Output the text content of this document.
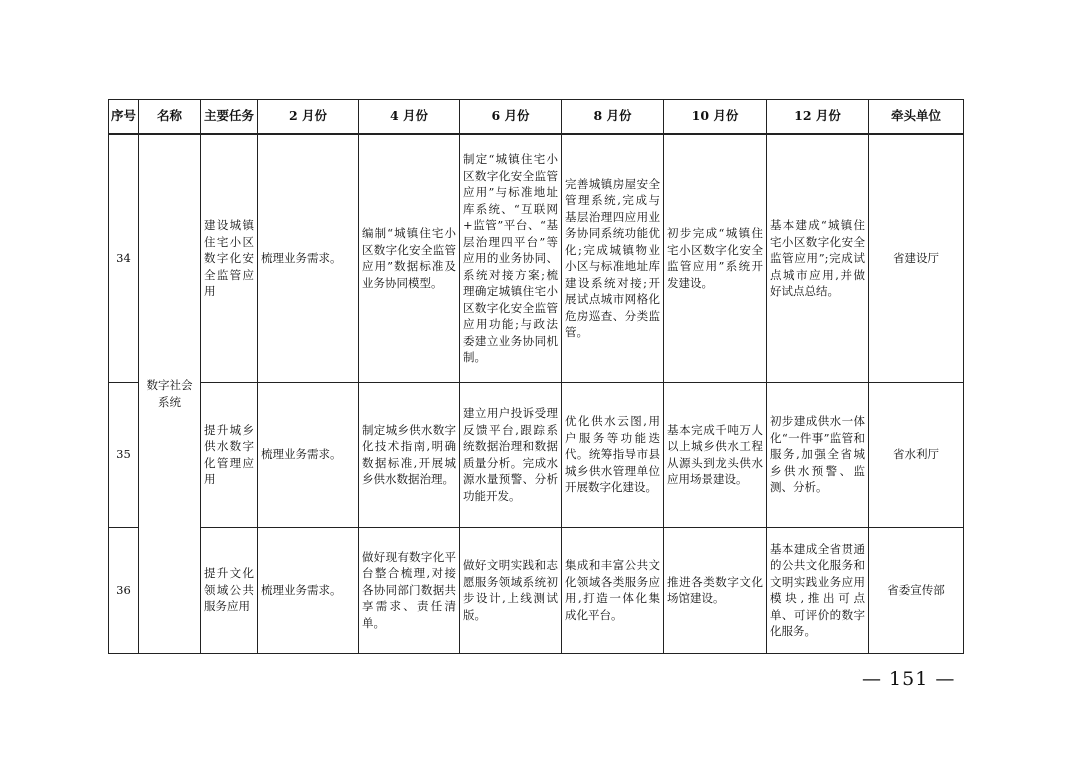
序号	名称	主要任务	2 月份	4 月份	6 月份	8 月份	10 月份	12 月份	牵头单位
34	数字社会系统	建设城镇住宅小区数字化安全监管应用	梳理业务需求。	编制“城镇住宅小区数字化安全监管应用”数据标准及业务协同模型。	制定“城镇住宅小区数字化安全监管应用”与标准地址库系统、“互联网+监管”平台、“基层治理四平台”等应用的业务协同、系统对接方案;梳理确定城镇住宅小区数字化安全监管应用功能;与政法委建立业务协同机制。	完善城镇房屋安全管理系统,完成与基层治理四应用业务协同系统功能优化;完成城镇物业小区与标准地址库建设系统对接;开展试点城市网格化危房巡查、分类监管。	初步完成“城镇住宅小区数字化安全监管应用”系统开发建设。	基本建成“城镇住宅小区数字化安全监管应用”;完成试点城市应用,并做好试点总结。	省建设厅
35		提升城乡供水数字化管理应用	梳理业务需求。	制定城乡供水数字化技术指南,明确数据标准,开展城乡供水数据治理。	建立用户投诉受理反馈平台,跟踪系统数据治理和数据质量分析。完成水源水量预警、分析功能开发。	优化供水云图,用户服务等功能迭代。统筹指导市县城乡供水管理单位开展数字化建设。	基本完成千吨万人以上城乡供水工程从源头到龙头供水应用场景建设。	初步建成供水一体化“一件事”监管和服务,加强全省城乡供水预警、监测、分析。	省水利厅
36		提升文化领域公共服务应用	梳理业务需求。	做好现有数字化平台整合梳理,对接各协同部门数据共享需求、责任清单。	做好文明实践和志愿服务领域系统初步设计,上线测试版。	集成和丰富公共文化领域各类服务应用,打造一体化集成化平台。	推进各类数字文化场馆建设。	基本建成全省贯通的公共文化服务和文明实践业务应用模块,推出可点单、可评价的数字化服务。	省委宣传部
— 151 —
